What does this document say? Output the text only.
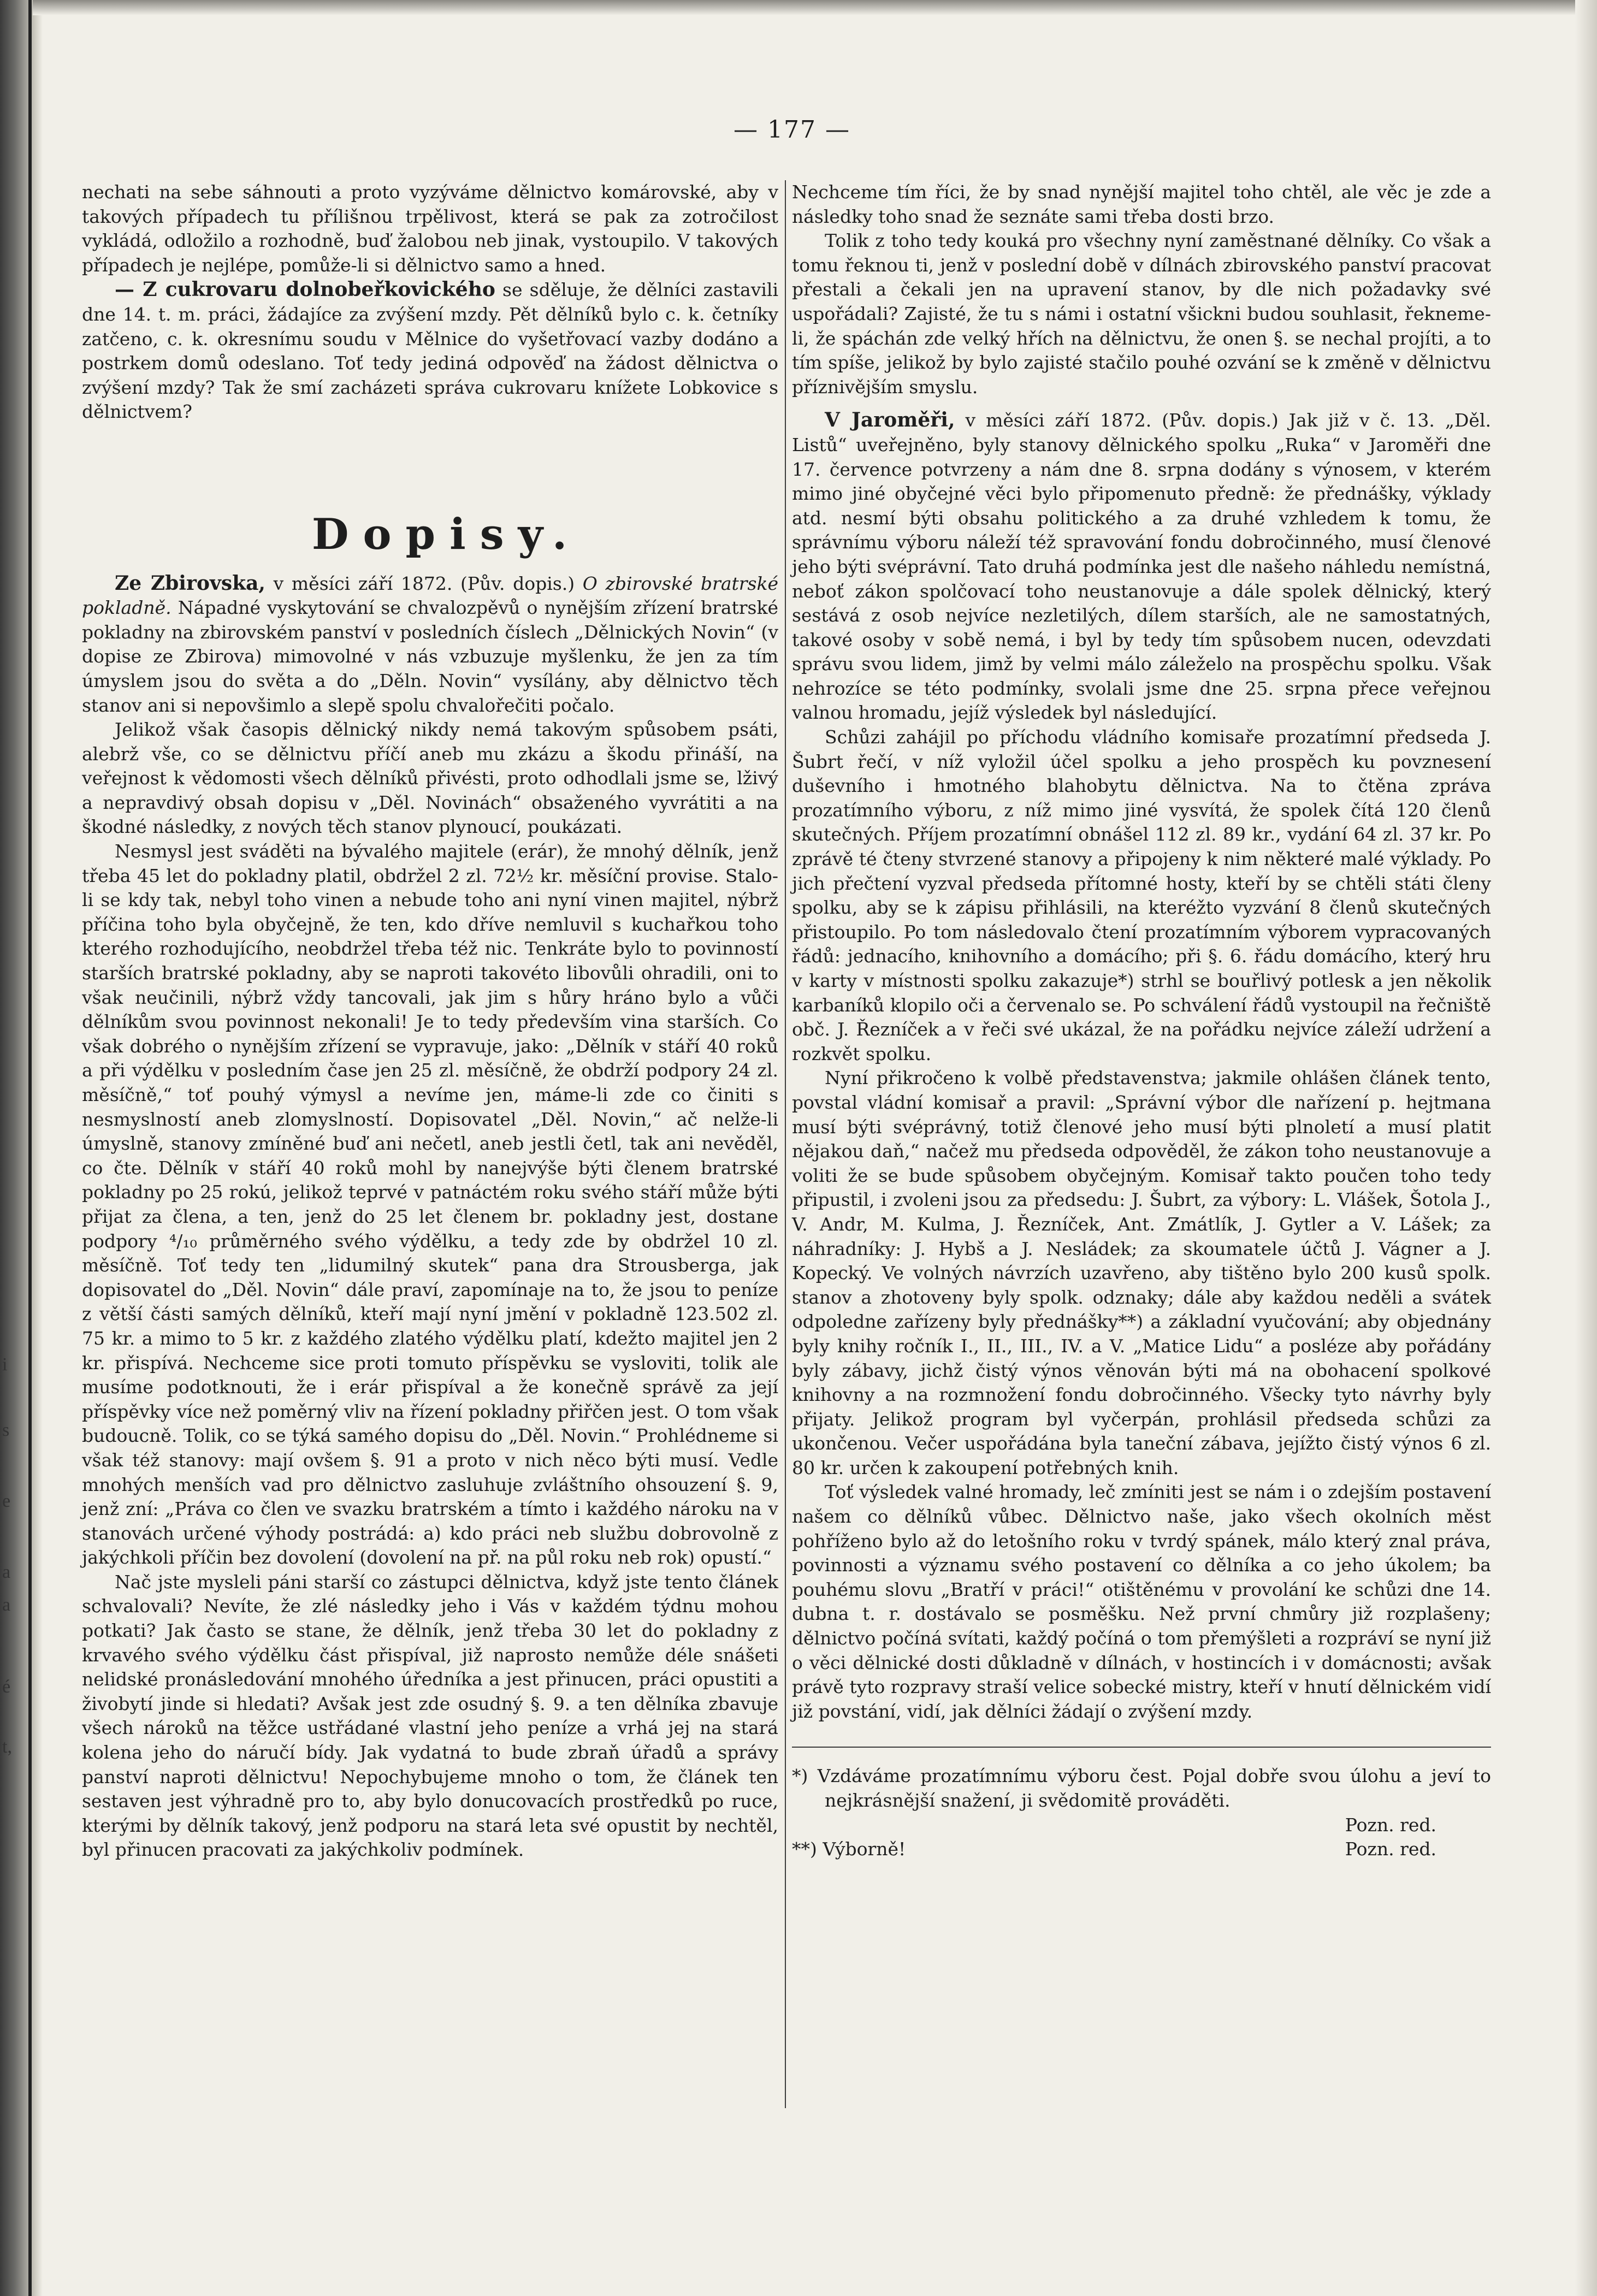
i
s
e
a
a
é
t,
— 177 —

nechati na sebe sáhnouti a proto vyzýváme dělnictvo komárovské, aby v takových případech tu přílišnou trpělivost, která se pak za zotročilost vykládá, odložilo a rozhodně, buď žalobou neb jinak, vystoupilo. V takových případech je nejlépe, pomůže-li si dělnictvo samo a hned.

— Z cukrovaru dolnobeřkovického se sděluje, že dělníci zastavili dne 14. t. m. práci, žádajíce za zvýšení mzdy. Pět dělníků bylo c. k. četníky zatčeno, c. k. okresnímu soudu v Mělnice do vyšetřovací vazby dodáno a postrkem domů odeslano. Toť tedy jediná odpověď na žádost dělnictva o zvýšení mzdy? Tak že smí zacházeti správa cukrovaru knížete Lobkovice s dělnictvem?

Dopisy.

Ze Zbirovska, v měsíci září 1872. (Pův. dopis.) O zbirovské bratrské pokladně. Nápadné vyskytování se chvalozpěvů o nynějším zřízení bratrské pokladny na zbirovském panství v posledních číslech „Dělnických Novin“ (v dopise ze Zbirova) mimovolné v nás vzbuzuje myšlenku, že jen za tím úmyslem jsou do světa a do „Děln. Novin“ vysílány, aby dělnictvo těch stanov ani si nepovšimlo a slepě spolu chvalořečiti počalo.

Jelikož však časopis dělnický nikdy nemá takovým spůsobem psáti, alebrž vše, co se dělnictvu příčí aneb mu zkázu a škodu přináší, na veřejnost k vědomosti všech dělníků přivésti, proto odhodlali jsme se, lživý a nepravdivý obsah dopisu v „Děl. Novinách“ obsaženého vyvrátiti a na škodné následky, z nových těch stanov plynoucí, poukázati.

Nesmysl jest sváděti na bývalého majitele (erár), že mnohý dělník, jenž třeba 45 let do pokladny platil, obdržel 2 zl. 72½ kr. měsíční provise. Stalo-li se kdy tak, nebyl toho vinen a nebude toho ani nyní vinen majitel, nýbrž příčina toho byla obyčejně, že ten, kdo dříve nemluvil s kuchařkou toho kterého rozhodujícího, neobdržel třeba též nic. Tenkráte bylo to povinností starších bratrské pokladny, aby se naproti takovéto libovůli ohradili, oni to však neučinili, nýbrž vždy tancovali, jak jim s hůry hráno bylo a vůči dělníkům svou povinnost nekonali! Je to tedy především vina starších. Co však dobrého o nynějším zřízení se vypravuje, jako: „Dělník v stáří 40 roků a při výdělku v posledním čase jen 25 zl. měsíčně, že obdrží podpory 24 zl. měsíčně,“ toť pouhý výmysl a nevíme jen, máme-li zde co činiti s nesmyslností aneb zlomyslností. Dopisovatel „Děl. Novin,“ ač nelže-li úmyslně, stanovy zmíněné buď ani nečetl, aneb jestli četl, tak ani nevěděl, co čte. Dělník v stáří 40 roků mohl by nanejvýše býti členem bratrské pokladny po 25 rokú, jelikož teprvé v patnáctém roku svého stáří může býti přijat za člena, a ten, jenž do 25 let členem br. pokladny jest, dostane podpory ⁴/₁₀ průměrného svého výdělku, a tedy zde by obdržel 10 zl. měsíčně. Toť tedy ten „lidumilný skutek“ pana dra Strousberga, jak dopisovatel do „Děl. Novin“ dále praví, zapomínaje na to, že jsou to peníze z větší části samých dělníků, kteří mají nyní jmění v pokladně 123.502 zl. 75 kr. a mimo to 5 kr. z každého zlatého výdělku platí, kdežto majitel jen 2 kr. přispívá. Nechceme sice proti tomuto příspěvku se vysloviti, tolik ale musíme podotknouti, že i erár přispíval a že konečně správě za její příspěvky více než poměrný vliv na řízení pokladny přiřčen jest. O tom však budoucně. Tolik, co se týká samého dopisu do „Děl. Novin.“ Prohlédneme si však též stanovy: mají ovšem §. 91 a proto v nich něco býti musí. Vedle mnohých menších vad pro dělnictvo zasluhuje zvláštního ohsouzení §. 9, jenž zní: „Práva co člen ve svazku bratrském a tímto i každého nároku na v stanovách určené výhody postrádá: a) kdo práci neb službu dobrovolně z jakýchkoli příčin bez dovolení (dovolení na př. na půl roku neb rok) opustí.“

Nač jste mysleli páni starší co zástupci dělnictva, když jste tento článek schvalovali? Nevíte, že zlé následky jeho i Vás v každém týdnu mohou potkati? Jak často se stane, že dělník, jenž třeba 30 let do pokladny z krvavého svého výdělku část přispíval, již naprosto nemůže déle snášeti nelidské pronásledování mnohého úředníka a jest přinucen, práci opustiti a živobytí jinde si hledati? Avšak jest zde osudný §. 9. a ten dělníka zbavuje všech nároků na těžce ustřádané vlastní jeho peníze a vrhá jej na stará kolena jeho do náručí bídy. Jak vydatná to bude zbraň úřadů a správy panství naproti dělnictvu! Nepochybujeme mnoho o tom, že článek ten sestaven jest výhradně pro to, aby bylo donucovacích prostředků po ruce, kterými by dělník takový, jenž podporu na stará leta své opustit by nechtěl, byl přinucen pracovati za jakýchkoliv podmínek.

Nechceme tím říci, že by snad nynější majitel toho chtěl, ale věc je zde a následky toho snad že seznáte sami třeba dosti brzo.

Tolik z toho tedy kouká pro všechny nyní zaměstnané dělníky. Co však a tomu řeknou ti, jenž v poslední době v dílnách zbirovského panství pracovat přestali a čekali jen na upravení stanov, by dle nich požadavky své uspořádali? Zajisté, že tu s námi i ostatní všickni budou souhlasit, řekneme-li, že spáchán zde velký hřích na dělnictvu, že onen §. se nechal projíti, a to tím spíše, jelikož by bylo zajisté stačilo pouhé ozvání se k změně v dělnictvu příznivějším smyslu.

V Jaroměři, v měsíci září 1872. (Pův. dopis.) Jak již v č. 13. „Děl. Listů“ uveřejněno, byly stanovy dělnického spolku „Ruka“ v Jaroměři dne 17. července potvrzeny a nám dne 8. srpna dodány s výnosem, v kterém mimo jiné obyčejné věci bylo připomenuto předně: že přednášky, výklady atd. nesmí býti obsahu politického a za druhé vzhledem k tomu, že správnímu výboru náleží též spravování fondu dobročinného, musí členové jeho býti svéprávní. Tato druhá podmínka jest dle našeho náhledu nemístná, neboť zákon spolčovací toho neustanovuje a dále spolek dělnický, který sestává z osob nejvíce nezletilých, dílem starších, ale ne samostatných, takové osoby v sobě nemá, i byl by tedy tím spůsobem nucen, odevzdati správu svou lidem, jimž by velmi málo záleželo na prospěchu spolku. Však nehrozíce se této podmínky, svolali jsme dne 25. srpna přece veřejnou valnou hromadu, jejíž výsledek byl následující.

Schůzi zahájil po příchodu vládního komisaře prozatímní předseda J. Šubrt řečí, v níž vyložil účel spolku a jeho prospěch ku povznesení duševního i hmotného blahobytu dělnictva. Na to čtěna zpráva prozatímního výboru, z níž mimo jiné vysvítá, že spolek čítá 120 členů skutečných. Příjem prozatímní obnášel 112 zl. 89 kr., vydání 64 zl. 37 kr. Po zprávě té čteny stvrzené stanovy a připojeny k nim některé malé výklady. Po jich přečtení vyzval předseda přítomné hosty, kteří by se chtěli státi členy spolku, aby se k zápisu přihlásili, na kteréžto vyzvání 8 členů skutečných přistoupilo. Po tom následovalo čtení prozatímním výborem vypracovaných řádů: jednacího, knihovního a domácího; při §. 6. řádu domácího, který hru v karty v místnosti spolku zakazuje*) strhl se bouřlivý potlesk a jen několik karbaníků klopilo oči a červenalo se. Po schválení řádů vystoupil na řečniště obč. J. Řezníček a v řeči své ukázal, že na pořádku nejvíce záleží udržení a rozkvět spolku.

Nyní přikročeno k volbě představenstva; jakmile ohlášen článek tento, povstal vládní komisař a pravil: „Správní výbor dle nařízení p. hejtmana musí býti svéprávný, totiž členové jeho musí býti plnoletí a musí platit nějakou daň,“ načež mu předseda odpověděl, že zákon toho neustanovuje a voliti že se bude spůsobem obyčejným. Komisař takto poučen toho tedy připustil, i zvoleni jsou za předsedu: J. Šubrt, za výbory: L. Vlášek, Šotola J., V. Andr, M. Kulma, J. Řezníček, Ant. Zmátlík, J. Gytler a V. Lášek; za náhradníky: J. Hybš a J. Nesládek; za skoumatele účtů J. Vágner a J. Kopecký. Ve volných návrzích uzavřeno, aby tištěno bylo 200 kusů spolk. stanov a zhotoveny byly spolk. odznaky; dále aby každou neděli a svátek odpoledne zařízeny byly přednášky**) a základní vyučování; aby objednány byly knihy ročník I., II., III., IV. a V. „Matice Lidu“ a posléze aby pořádány byly zábavy, jichž čistý výnos věnován býti má na obohacení spolkové knihovny a na rozmnožení fondu dobročinného. Všecky tyto návrhy byly přijaty. Jelikož program byl vyčerpán, prohlásil předseda schůzi za ukončenou. Večer uspořádána byla taneční zábava, jejížto čistý výnos 6 zl. 80 kr. určen k zakoupení potřebných knih.

Toť výsledek valné hromady, leč zmíniti jest se nám i o zdejším postavení našem co dělníků vůbec. Dělnictvo naše, jako všech okolních měst pohříženo bylo až do letošního roku v tvrdý spánek, málo který znal práva, povinnosti a významu svého postavení co dělníka a co jeho úkolem; ba pouhému slovu „Bratří v práci!“ otištěnému v provolání ke schůzi dne 14. dubna t. r. dostávalo se posměšku. Než první chmůry již rozplašeny; dělnictvo počíná svítati, každý počíná o tom přemýšleti a rozpráví se nyní již o věci dělnické dosti důkladně v dílnách, v hostincích i v domácnosti; avšak právě tyto rozpravy straší velice sobecké mistry, kteří v hnutí dělnickém vidí již povstání, vidí, jak dělníci žádají o zvýšení mzdy.

*) Vzdáváme prozatímnímu výboru čest. Pojal dobře svou úlohu a jeví to nejkrásnější snažení, ji svědomitě prováděti.

Pozn. red.

**) Výborně!	Pozn. red.
